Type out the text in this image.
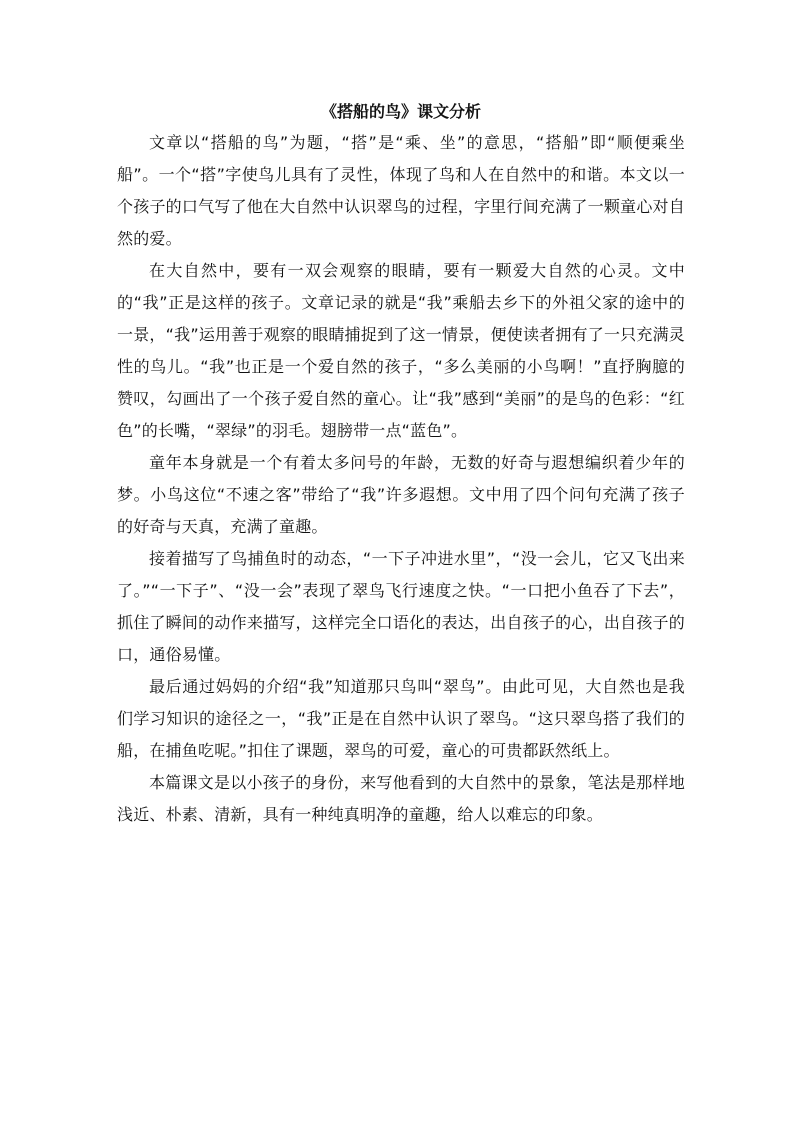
《搭船的鸟》课文分析

文章以“搭船的鸟”为题，“搭”是“乘、坐”的意思，“搭船”即“顺便乘坐船”。一个“搭”字使鸟儿具有了灵性，体现了鸟和人在自然中的和谐。本文以一个孩子的口气写了他在大自然中认识翠鸟的过程，字里行间充满了一颗童心对自然的爱。

在大自然中，要有一双会观察的眼睛，要有一颗爱大自然的心灵。文中的“我”正是这样的孩子。文章记录的就是“我”乘船去乡下的外祖父家的途中的一景，“我”运用善于观察的眼睛捕捉到了这一情景，便使读者拥有了一只充满灵性的鸟儿。“我”也正是一个爱自然的孩子，“多么美丽的小鸟啊！”直抒胸臆的赞叹，勾画出了一个孩子爱自然的童心。让“我”感到“美丽”的是鸟的色彩：“红色”的长嘴，“翠绿”的羽毛。翅膀带一点“蓝色”。

童年本身就是一个有着太多问号的年龄，无数的好奇与遐想编织着少年的梦。小鸟这位“不速之客”带给了“我”许多遐想。文中用了四个问句充满了孩子的好奇与天真，充满了童趣。

接着描写了鸟捕鱼时的动态，“一下子冲进水里”，“没一会儿，它又飞出来了。”“一下子”、“没一会”表现了翠鸟飞行速度之快。“一口把小鱼吞了下去”，抓住了瞬间的动作来描写，这样完全口语化的表达，出自孩子的心，出自孩子的口，通俗易懂。

最后通过妈妈的介绍“我”知道那只鸟叫“翠鸟”。由此可见，大自然也是我们学习知识的途径之一，“我”正是在自然中认识了翠鸟。“这只翠鸟搭了我们的船，在捕鱼吃呢。”扣住了课题，翠鸟的可爱，童心的可贵都跃然纸上。

本篇课文是以小孩子的身份，来写他看到的大自然中的景象，笔法是那样地浅近、朴素、清新，具有一种纯真明净的童趣，给人以难忘的印象。
